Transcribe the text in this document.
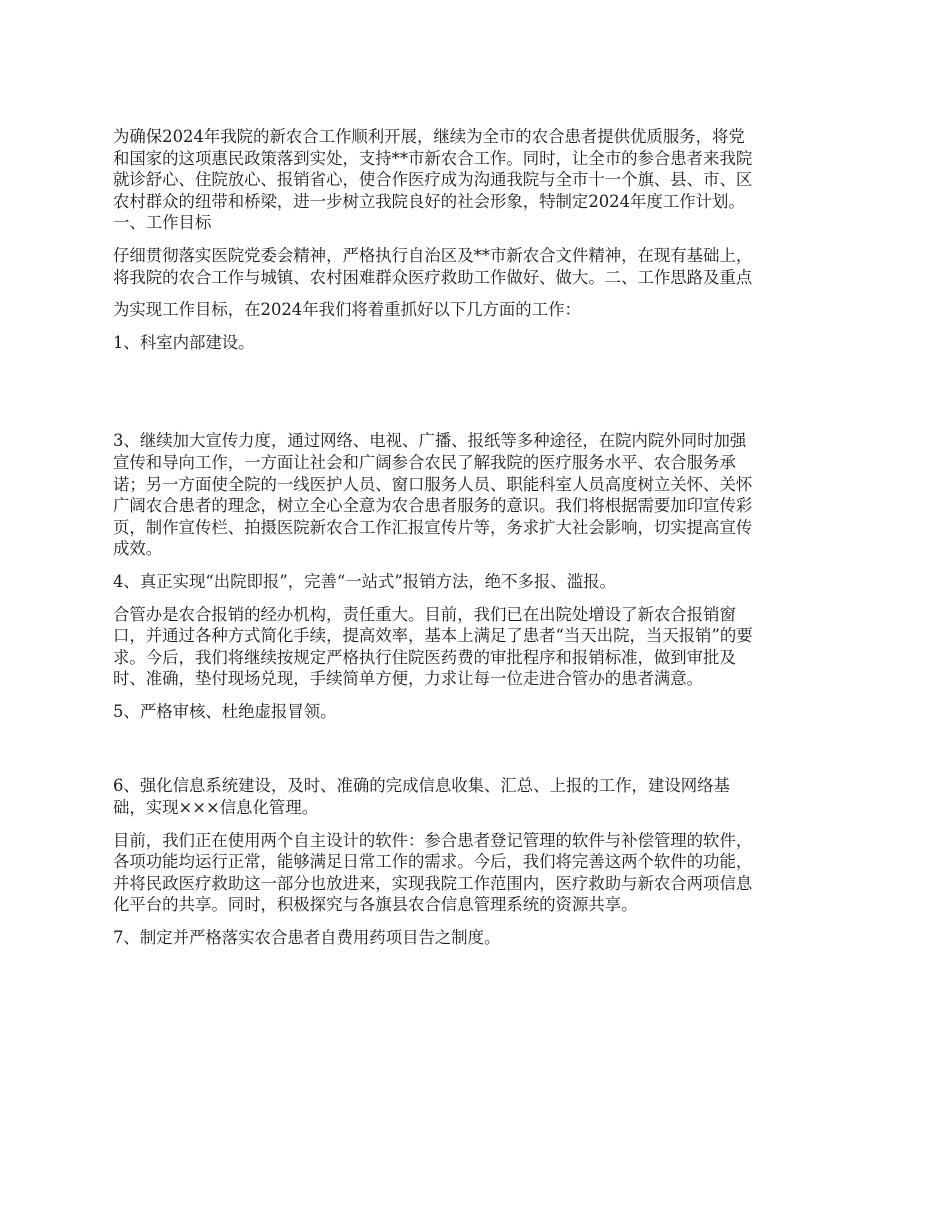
为确保2024年我院的新农合工作顺利开展，继续为全市的农合患者提供优质服务，将党
和国家的这项惠民政策落到实处，支持**市新农合工作。同时，让全市的参合患者来我院
就诊舒心、住院放心、报销省心，使合作医疗成为沟通我院与全市十一个旗、县、市、区
农村群众的纽带和桥梁，进一步树立我院良好的社会形象，特制定2024年度工作计划。
一、工作目标
仔细贯彻落实医院党委会精神，严格执行自治区及**市新农合文件精神，在现有基础上，
将我院的农合工作与城镇、农村困难群众医疗救助工作做好、做大。二、工作思路及重点
为实现工作目标，在2024年我们将着重抓好以下几方面的工作：
1、科室内部建设。
3、继续加大宣传力度，通过网络、电视、广播、报纸等多种途径，在院内院外同时加强
宣传和导向工作，一方面让社会和广阔参合农民了解我院的医疗服务水平、农合服务承
诺；另一方面使全院的一线医护人员、窗口服务人员、职能科室人员高度树立关怀、关怀
广阔农合患者的理念，树立全心全意为农合患者服务的意识。我们将根据需要加印宣传彩
页，制作宣传栏、拍摄医院新农合工作汇报宣传片等，务求扩大社会影响，切实提高宣传
成效。
4、真正实现“出院即报”，完善“一站式”报销方法，绝不多报、滥报。
合管办是农合报销的经办机构，责任重大。目前，我们已在出院处增设了新农合报销窗
口，并通过各种方式简化手续，提高效率，基本上满足了患者“当天出院，当天报销”的要
求。今后，我们将继续按规定严格执行住院医药费的审批程序和报销标准，做到审批及
时、准确，垫付现场兑现，手续简单方便，力求让每一位走进合管办的患者满意。
5、严格审核、杜绝虚报冒领。
6、强化信息系统建设，及时、准确的完成信息收集、汇总、上报的工作，建设网络基
础，实现×××信息化管理。
目前，我们正在使用两个自主设计的软件：参合患者登记管理的软件与补偿管理的软件，
各项功能均运行正常，能够满足日常工作的需求。今后，我们将完善这两个软件的功能，
并将民政医疗救助这一部分也放进来，实现我院工作范围内，医疗救助与新农合两项信息
化平台的共享。同时，积极探究与各旗县农合信息管理系统的资源共享。
7、制定并严格落实农合患者自费用药项目告之制度。
